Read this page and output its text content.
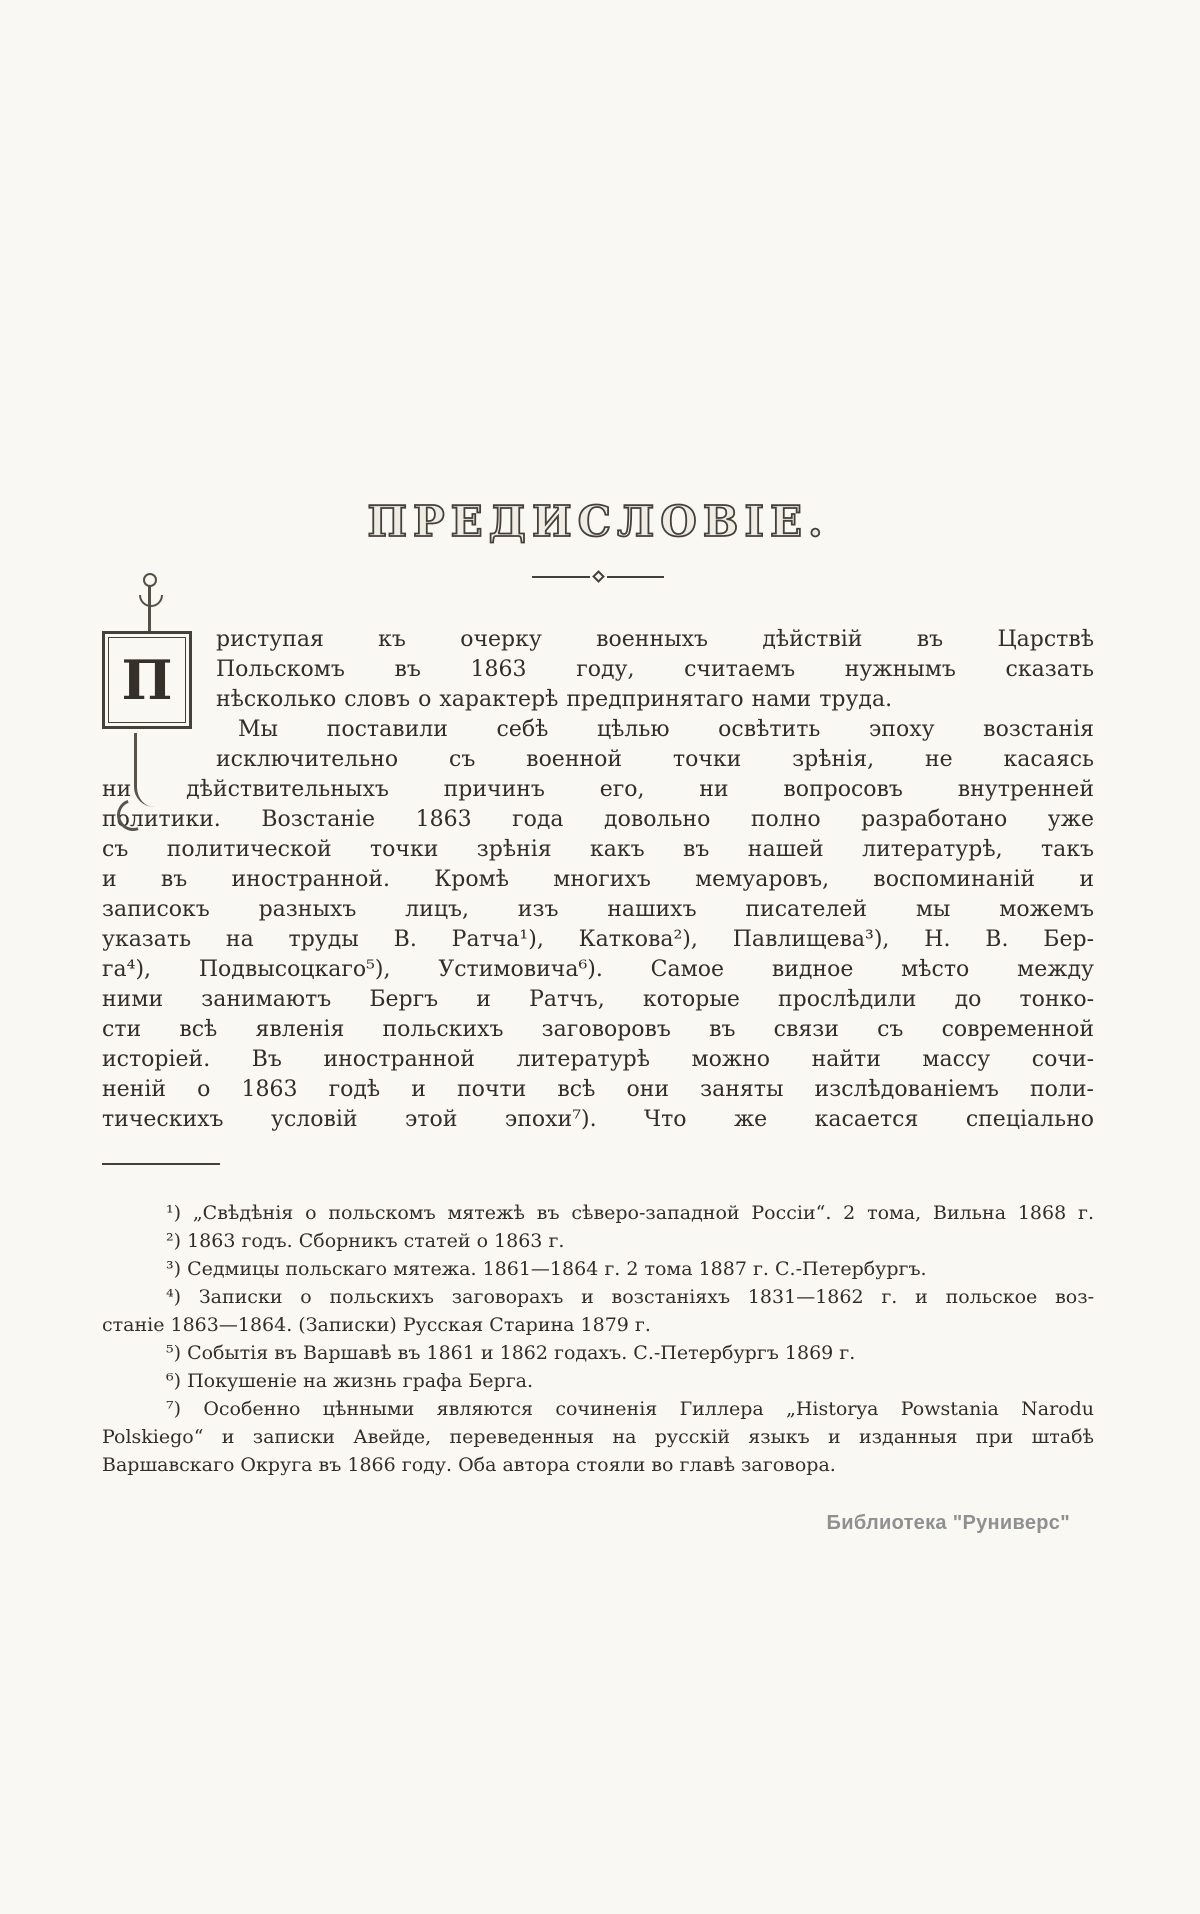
ПРЕДИСЛОВІЕ.
П
риступая къ очерку военныхъ дѣйствій въ Царствѣ
Польскомъ въ 1863 году, считаемъ нужнымъ сказать
нѣсколько словъ о характерѣ предпринятаго нами труда.
Мы поставили себѣ цѣлью освѣтить эпоху возстанія
исключительно съ военной точки зрѣнія, не касаясь
ни дѣйствительныхъ причинъ его, ни вопросовъ внутренней
политики. Возстаніе 1863 года довольно полно разработано уже
съ политической точки зрѣнія какъ въ нашей литературѣ, такъ
и въ иностранной. Кромѣ многихъ мемуаровъ, воспоминаній и
записокъ разныхъ лицъ, изъ нашихъ писателей мы можемъ
указать на труды В. Ратча¹), Каткова²), Павлищева³), Н. В. Бер-
га⁴), Подвысоцкаго⁵), Устимовича⁶). Самое видное мѣсто между
ними занимаютъ Бергъ и Ратчъ, которые прослѣдили до тонко-
сти всѣ явленія польскихъ заговоровъ въ связи съ современной
исторіей. Въ иностранной литературѣ можно найти массу сочи-
неній о 1863 годѣ и почти всѣ они заняты изслѣдованіемъ поли-
тическихъ условій этой эпохи⁷). Что же касается спеціально
¹) „Свѣдѣнія о польскомъ мятежѣ въ сѣверо-западной Россіи“. 2 тома, Вильна 1868 г.
²) 1863 годъ. Сборникъ статей о 1863 г.
³) Седмицы польскаго мятежа. 1861—1864 г. 2 тома 1887 г. С.-Петербургъ.
⁴) Записки о польскихъ заговорахъ и возстаніяхъ 1831—1862 г. и польское воз-
станіе 1863—1864. (Записки) Русская Старина 1879 г.
⁵) Событія въ Варшавѣ въ 1861 и 1862 годахъ. С.-Петербургъ 1869 г.
⁶) Покушеніе на жизнь графа Берга.
⁷) Особенно цѣнными являются сочиненія Гиллера „Historya Powstania Narodu
Polskiego“ и записки Авейде, переведенныя на русскій языкъ и изданныя при штабѣ
Варшавскаго Округа въ 1866 году. Оба автора стояли во главѣ заговора.
Библиотека "Руниверс"
